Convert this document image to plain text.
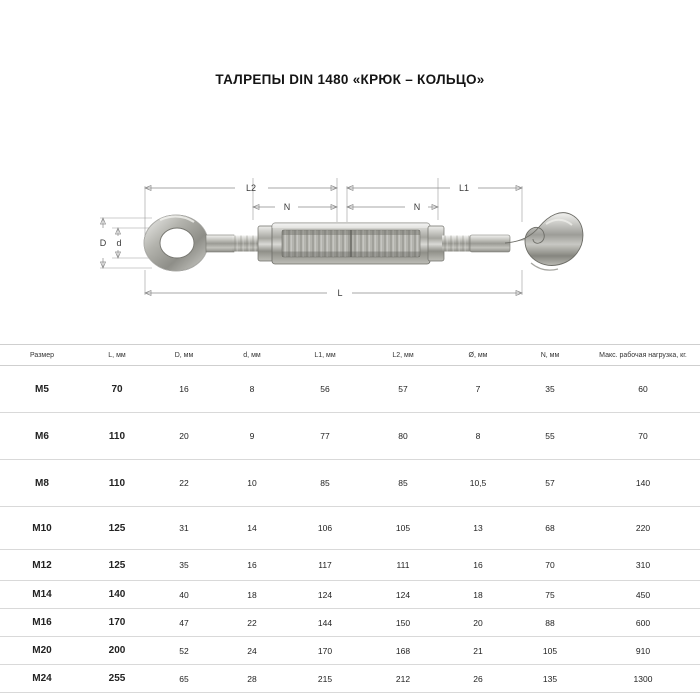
ТАЛРЕПЫ DIN 1480 «КРЮК – КОЛЬЦО»
L2
N
L1
N
L
D d
Размер	L, мм	D, мм	d, мм	L1, мм	L2, мм	Ø, мм	N, мм	Макс. рабочая нагрузка, кг.
M5	70	16	8	56	57	7	35	60
M6	110	20	9	77	80	8	55	70
M8	110	22	10	85	85	10,5	57	140
M10	125	31	14	106	105	13	68	220
M12	125	35	16	117	111	16	70	310
M14	140	40	18	124	124	18	75	450
M16	170	47	22	144	150	20	88	600
M20	200	52	24	170	168	21	105	910
M24	255	65	28	215	212	26	135	1300
